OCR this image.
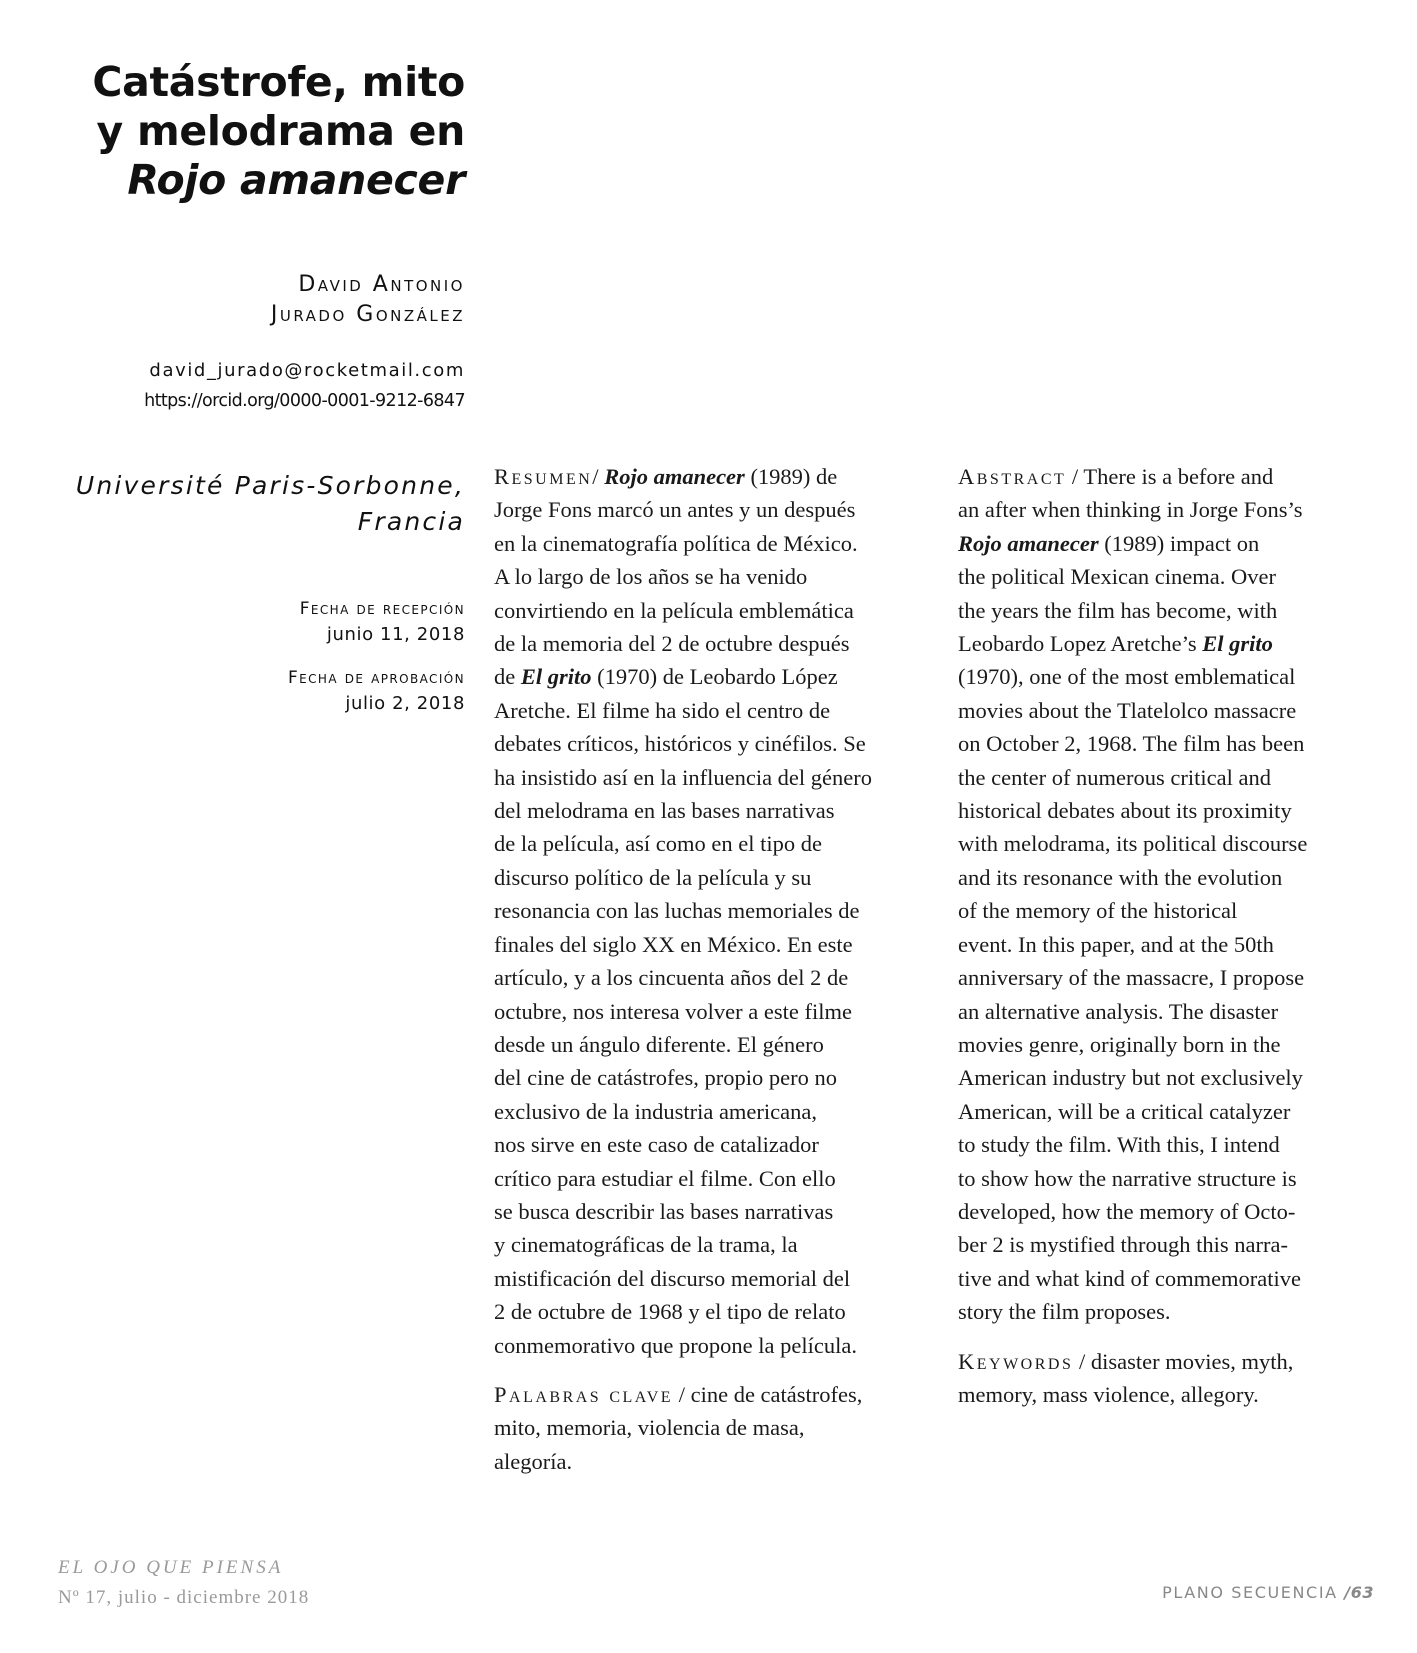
Catástrofe, mito
y melodrama en
Rojo amanecer
David Antonio
Jurado González
david_jurado@rocketmail.com
https://orcid.org/0000-0001-9212-6847
Université Paris-Sorbonne,
Francia
Fecha de recepción
junio 11, 2018
Fecha de aprobación
julio 2, 2018

Resumen/ Rojo amanecer (1989) de
Jorge Fons marcó un antes y un después
en la cinematografía política de México.
A lo largo de los años se ha venido
convirtiendo en la película emblemática
de la memoria del 2 de octubre después
de El grito (1970) de Leobardo López
Aretche. El filme ha sido el centro de
debates críticos, históricos y cinéfilos. Se
ha insistido así en la influencia del género
del melodrama en las bases narrativas
de la película, así como en el tipo de
discurso político de la película y su
resonancia con las luchas memoriales de
finales del siglo XX en México. En este
artículo, y a los cincuenta años del 2 de
octubre, nos interesa volver a este filme
desde un ángulo diferente. El género
del cine de catástrofes, propio pero no
exclusivo de la industria americana,
nos sirve en este caso de catalizador
crítico para estudiar el filme. Con ello
se busca describir las bases narrativas
y cinematográficas de la trama, la
mistificación del discurso memorial del
2 de octubre de 1968 y el tipo de relato
conmemorativo que propone la película.

Palabras clave / cine de catástrofes,
mito, memoria, violencia de masa,
alegoría.

Abstract / There is a before and
an after when thinking in Jorge Fons’s
Rojo amanecer (1989) impact on
the political Mexican cinema. Over
the years the film has become, with
Leobardo Lopez Aretche’s El grito
(1970), one of the most emblematical
movies about the Tlatelolco massacre
on October 2, 1968. The film has been
the center of numerous critical and
historical debates about its proximity
with melodrama, its political discourse
and its resonance with the evolution
of the memory of the historical
event. In this paper, and at the 50th
anniversary of the massacre, I propose
an alternative analysis. The disaster
movies genre, originally born in the
American industry but not exclusively
American, will be a critical catalyzer
to study the film. With this, I intend
to show how the narrative structure is
developed, how the memory of Octo-
ber 2 is mystified through this narra-
tive and what kind of commemorative
story the film proposes.

Keywords / disaster movies, myth,
memory, mass violence, allegory.

EL OJO QUE PIENSA
Nº 17, julio - diciembre 2018	PLANO SECUENCIA /63
